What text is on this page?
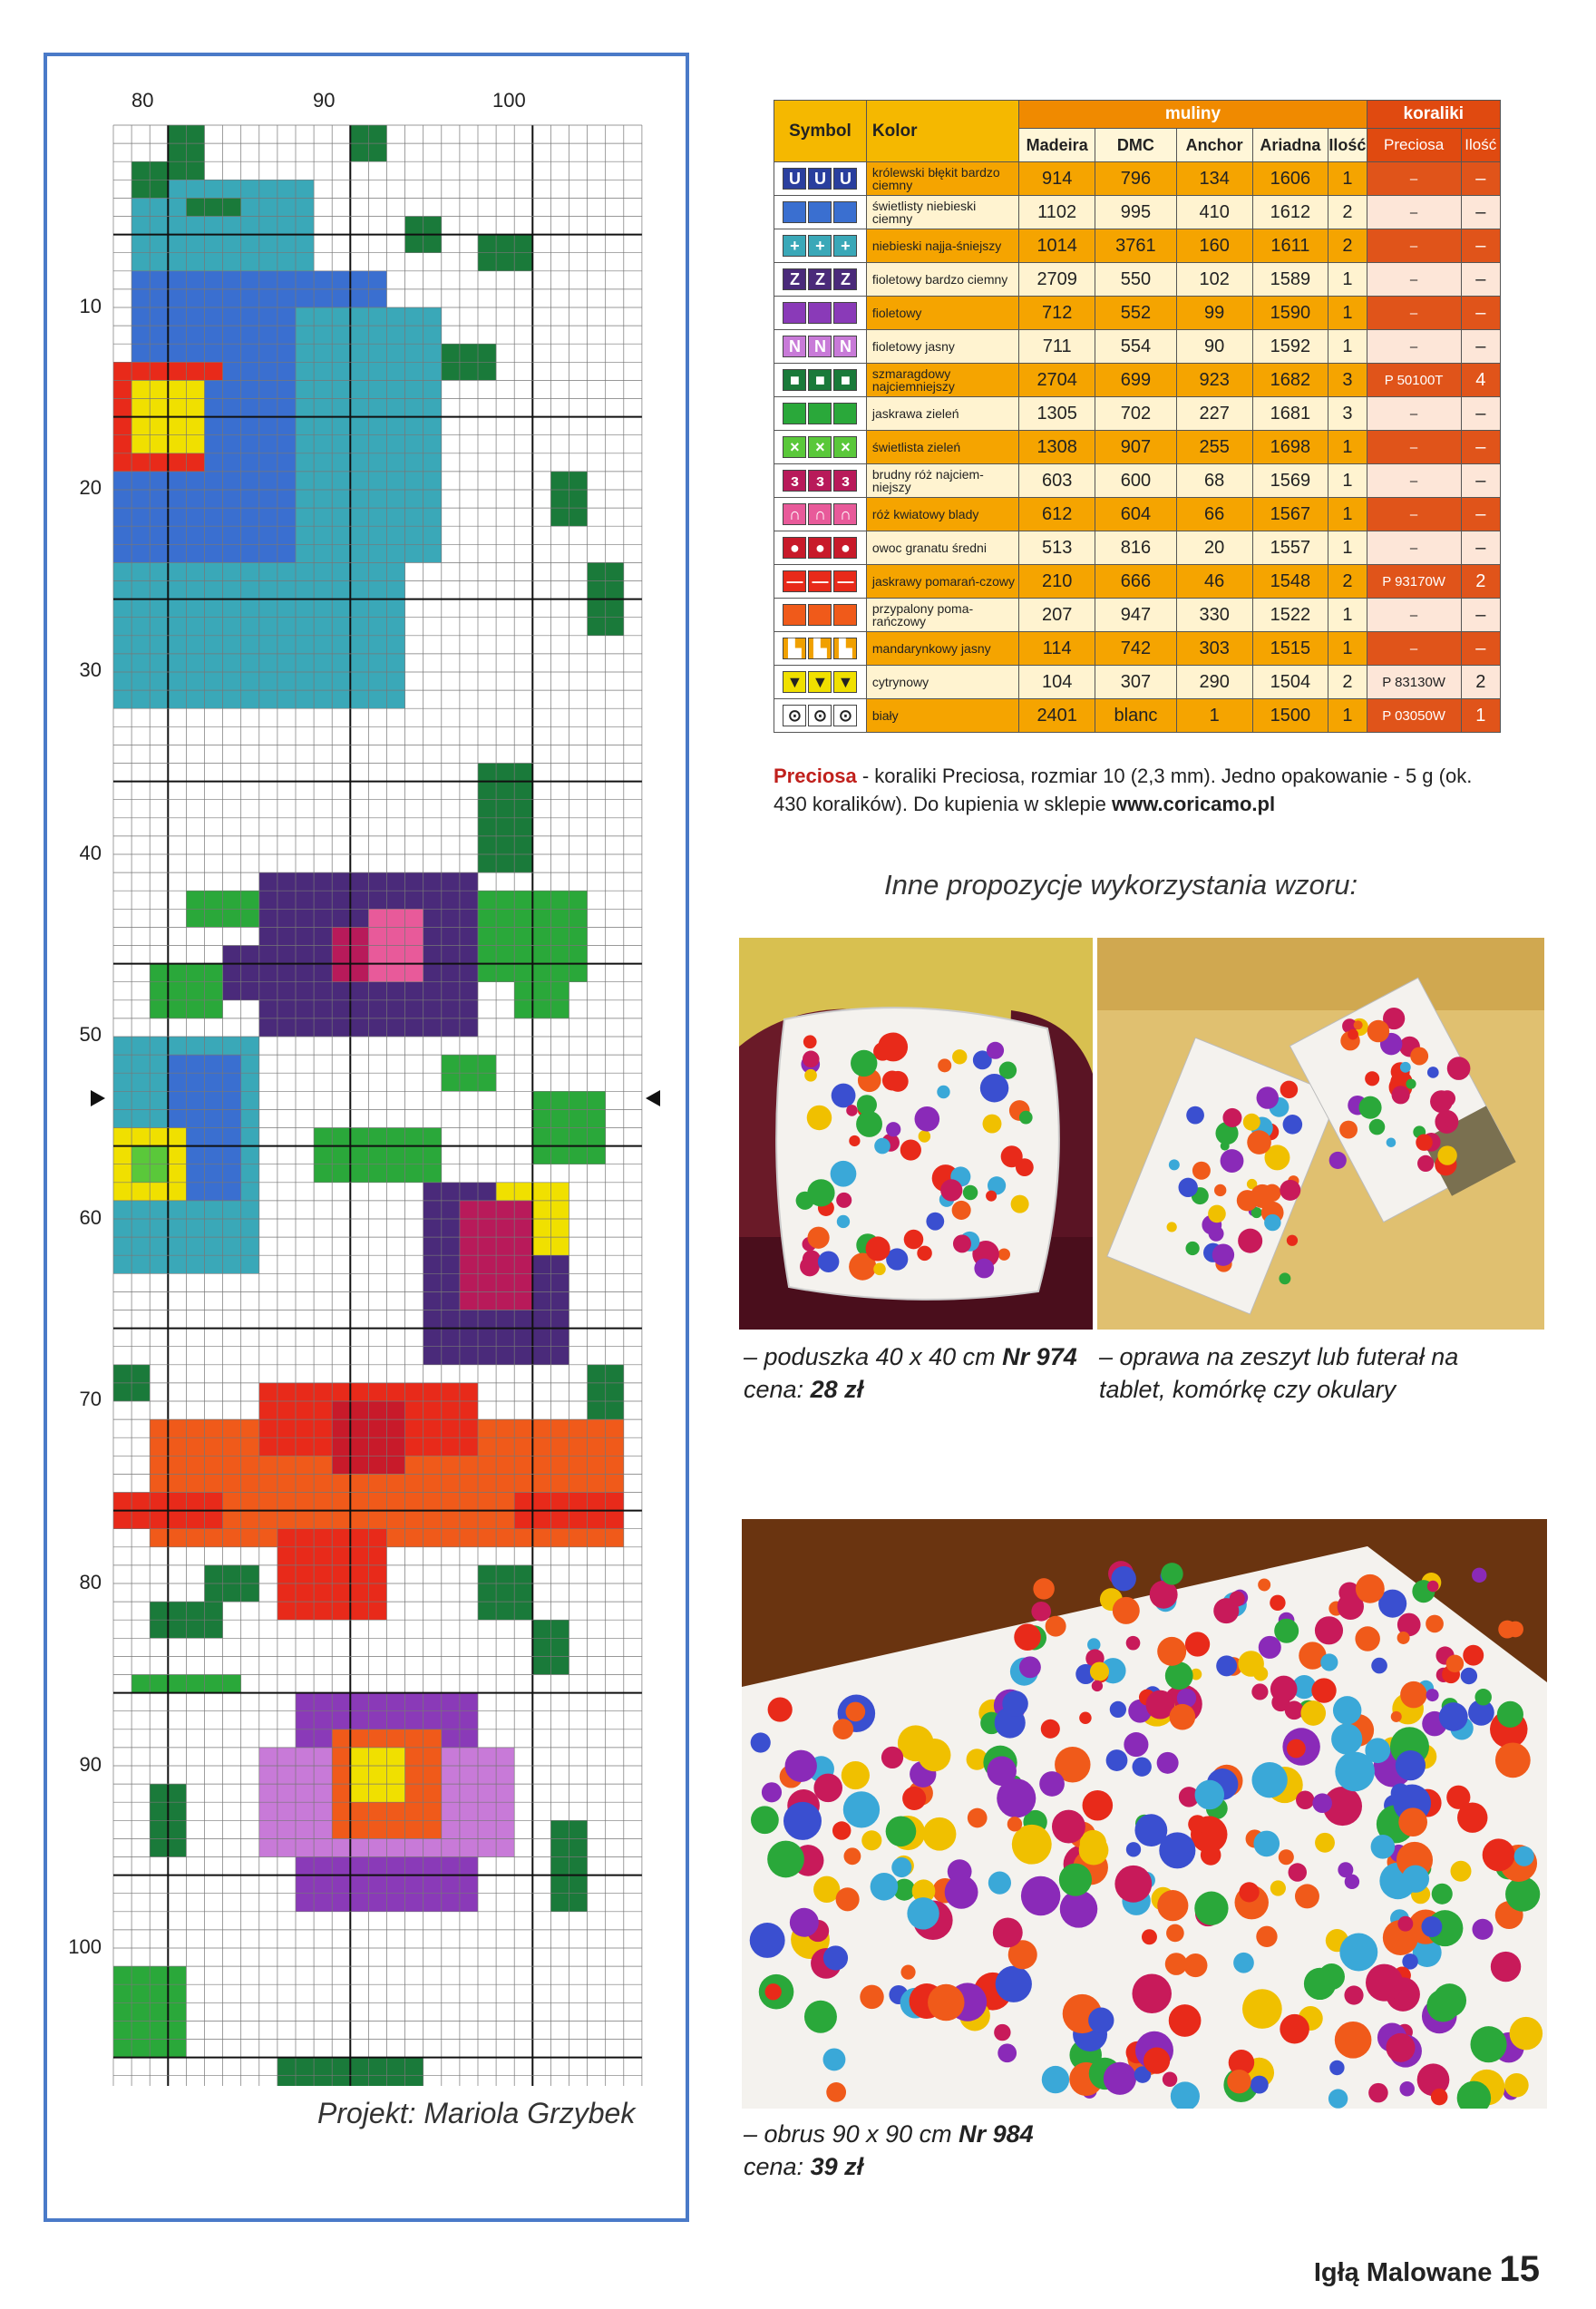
80	90	100
10
20
30
40
50
60
70
80
90
100
Projekt: Mariola Grzybek
Symbol	Kolor	muliny					koraliki	
		Madeira	DMC	Anchor	Ariadna	Ilość	Preciosa	Ilość
U U U	królewski błękit bardzo ciemny	914	796	134	1606	1	–	–
	świetlisty niebieski ciemny	1102	995	410	1612	2	–	–
+ + +	niebieski najja-śniejszy	1014	3761	160	1611	2	–	–
Z Z Z	fioletowy bardzo ciemny	2709	550	102	1589	1	–	–
	fioletowy	712	552	99	1590	1	–	–
N N N	fioletowy jasny	711	554	90	1592	1	–	–
■ ■ ■	szmaragdowy najciemniejszy	2704	699	923	1682	3	P 50100T	4
	jaskrawa zieleń	1305	702	227	1681	3	–	–
× × ×	świetlista zieleń	1308	907	255	1698	1	–	–
ɜ ɜ ɜ	brudny róż najciem-niejszy	603	600	68	1569	1	–	–
∩ ∩ ∩	róż kwiatowy blady	612	604	66	1567	1	–	–
● ● ●	owoc granatu średni	513	816	20	1557	1	–	–
— — —	jaskrawy pomarań-czowy	210	666	46	1548	2	P 93170W	2
	przypalony poma-rańczowy	207	947	330	1522	1	–	–
▙ ▙ ▙	mandarynkowy jasny	114	742	303	1515	1	–	–
▼ ▼ ▼	cytrynowy	104	307	290	1504	2	P 83130W	2
⊙ ⊙ ⊙	biały	2401	blanc	1	1500	1	P 03050W	1
Preciosa - koraliki Preciosa, rozmiar 10 (2,3 mm). Jedno opakowanie - 5 g (ok. 430 koralików). Do kupienia w sklepie www.coricamo.pl
Inne propozycje wykorzystania wzoru:
– poduszka 40 x 40 cm Nr 974
cena: 28 zł
– oprawa na zeszyt lub futerał na
tablet, komórkę czy okulary
– obrus 90 x 90 cm Nr 984
cena: 39 zł
Igłą Malowane 15
